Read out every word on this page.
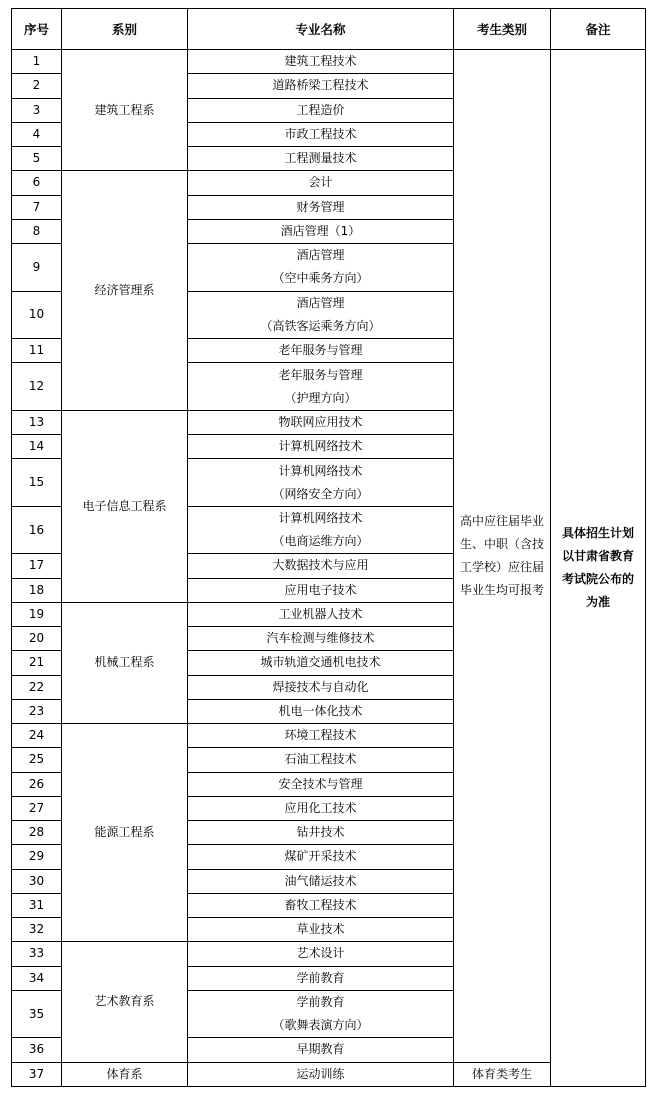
序号	系别	专业名称	考生类别	备注
1	建筑工程系	建筑工程技术	高中应往届毕业生、中职（含技工学校）应往届毕业生均可报考	具体招生计划以甘肃省教育考试院公布的为准

2		道路桥梁工程技术		

3		工程造价		

4		市政工程技术		

5		工程测量技术		

6	经济管理系	会计		

7		财务管理		

8		酒店管理（1）		

9		酒店管理
（空中乘务方向）		

10		酒店管理
（高铁客运乘务方向）		

11		老年服务与管理		

12		老年服务与管理
（护理方向）		

13	电子信息工程系	物联网应用技术		

14		计算机网络技术		

15		计算机网络技术
（网络安全方向）		

16		计算机网络技术
（电商运维方向）		

17		大数据技术与应用		

18		应用电子技术		

19	机械工程系	工业机器人技术		

20		汽车检测与维修技术		

21		城市轨道交通机电技术		

22		焊接技术与自动化		

23		机电一体化技术		

24	能源工程系	环境工程技术		

25		石油工程技术		

26		安全技术与管理		

27		应用化工技术		

28		钻井技术		

29		煤矿开采技术		

30		油气储运技术		

31		畜牧工程技术		

32		草业技术		

33	艺术教育系	艺术设计		

34		学前教育		

35		学前教育
（歌舞表演方向）		

36		早期教育		

37	体育系	运动训练	体育类考生	
